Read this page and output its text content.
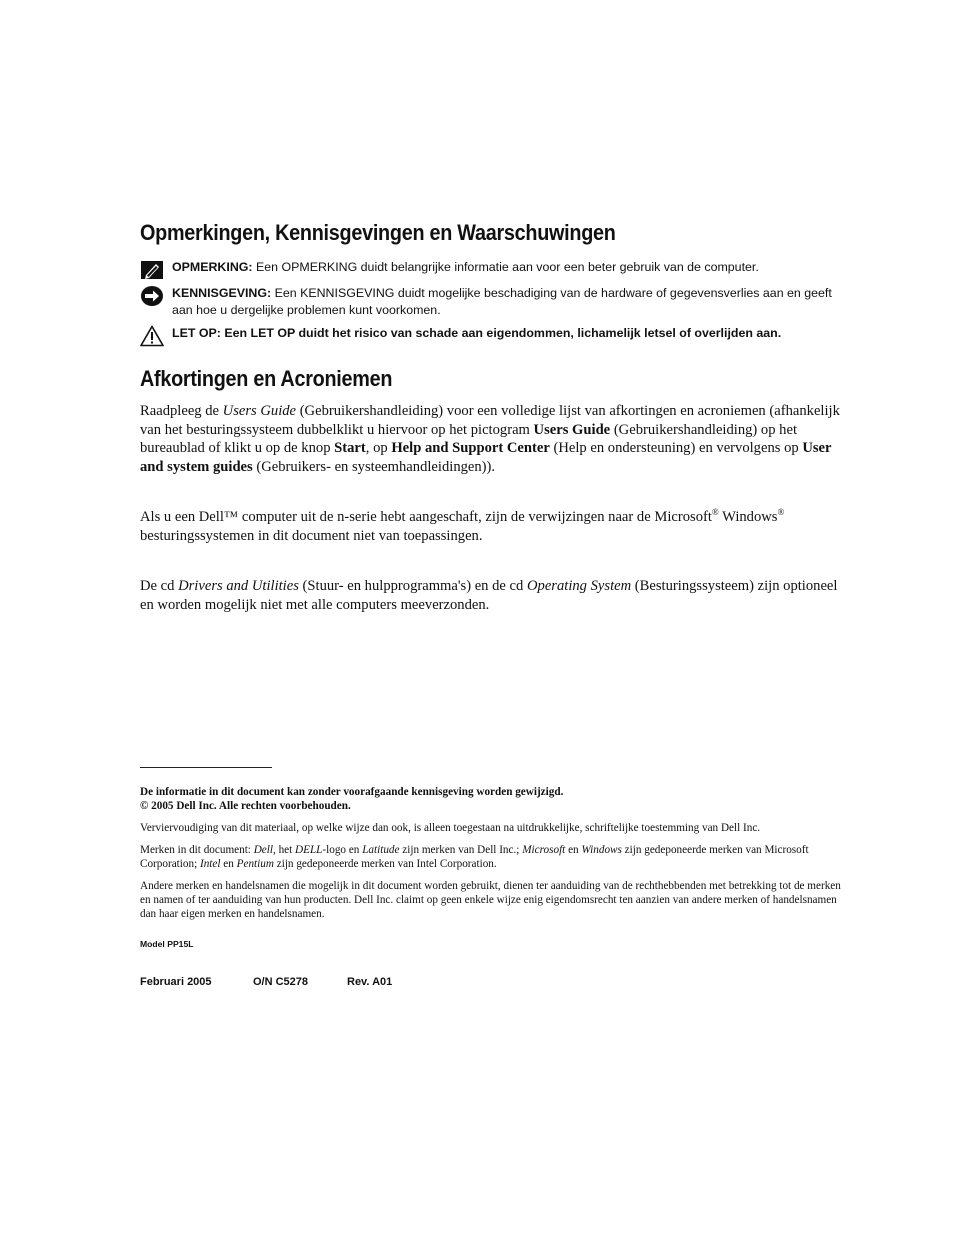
Opmerkingen, Kennisgevingen en Waarschuwingen
OPMERKING: Een OPMERKING duidt belangrijke informatie aan voor een beter gebruik van de computer.
KENNISGEVING: Een KENNISGEVING duidt mogelijke beschadiging van de hardware of gegevensverlies aan en geeft aan hoe u dergelijke problemen kunt voorkomen.
LET OP: Een LET OP duidt het risico van schade aan eigendommen, lichamelijk letsel of overlijden aan.
Afkortingen en Acroniemen

Raadpleeg de Users Guide (Gebruikershandleiding) voor een volledige lijst van afkortingen en acroniemen (afhankelijk van het besturingssysteem dubbelklikt u hiervoor op het pictogram Users Guide (Gebruikershandleiding) op het bureaublad of klikt u op de knop Start, op Help and Support Center (Help en ondersteuning) en vervolgens op User and system guides (Gebruikers- en systeemhandleidingen)).

Als u een Dell™ computer uit de n-serie hebt aangeschaft, zijn de verwijzingen naar de Microsoft® Windows® besturingssystemen in dit document niet van toepassingen.

De cd Drivers and Utilities (Stuur- en hulpprogramma's) en de cd Operating System (Besturingssysteem) zijn optioneel en worden mogelijk niet met alle computers meeverzonden.

De informatie in dit document kan zonder voorafgaande kennisgeving worden gewijzigd.
© 2005 Dell Inc. Alle rechten voorbehouden.

Verviervoudiging van dit materiaal, op welke wijze dan ook, is alleen toegestaan na uitdrukkelijke, schriftelijke toestemming van Dell Inc.

Merken in dit document: Dell, het DELL-logo en Latitude zijn merken van Dell Inc.; Microsoft en Windows zijn gedeponeerde merken van Microsoft Corporation; Intel en Pentium zijn gedeponeerde merken van Intel Corporation.

Andere merken en handelsnamen die mogelijk in dit document worden gebruikt, dienen ter aanduiding van de rechthebbenden met betrekking tot de merken en namen of ter aanduiding van hun producten. Dell Inc. claimt op geen enkele wijze enig eigendomsrecht ten aanzien van andere merken of handelsnamen dan haar eigen merken en handelsnamen.

Model PP15L
Februari 2005	O/N C5278	Rev. A01
